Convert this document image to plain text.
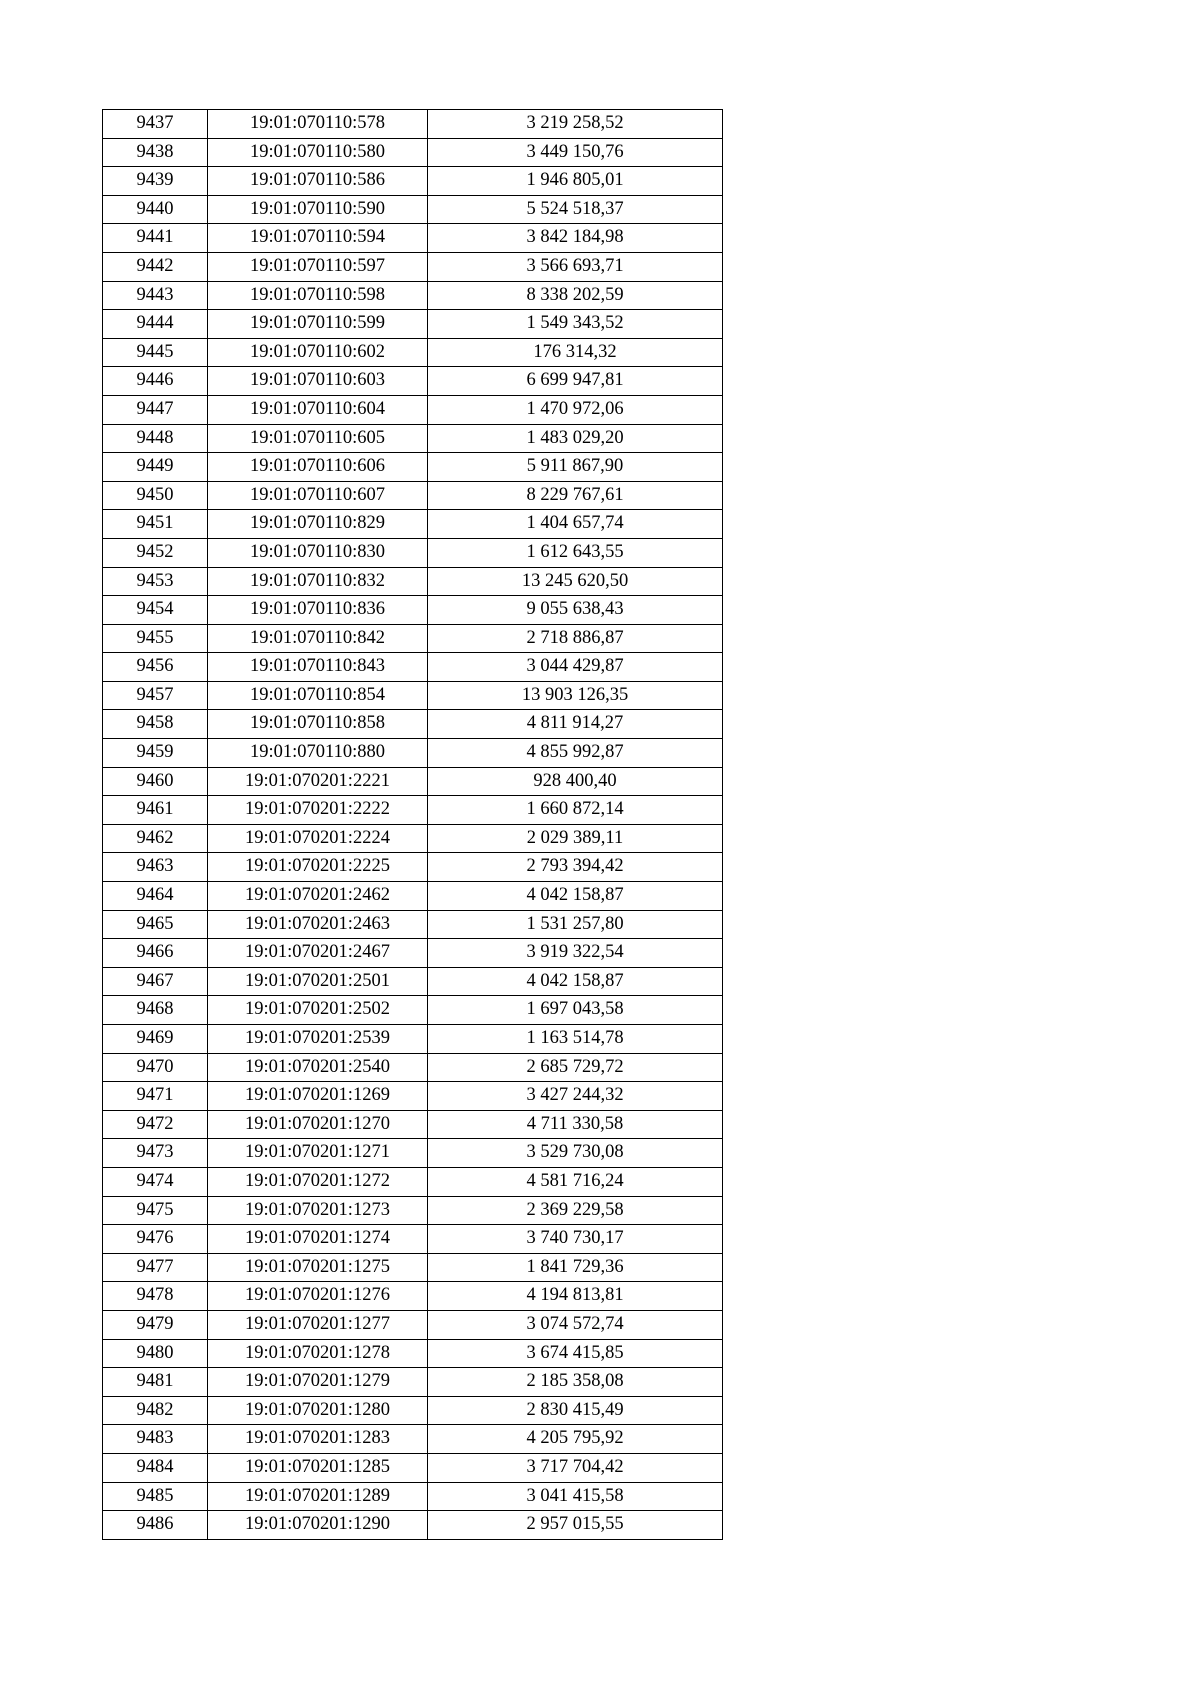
9437	19:01:070110:578	3 219 258,52
9438	19:01:070110:580	3 449 150,76
9439	19:01:070110:586	1 946 805,01
9440	19:01:070110:590	5 524 518,37
9441	19:01:070110:594	3 842 184,98
9442	19:01:070110:597	3 566 693,71
9443	19:01:070110:598	8 338 202,59
9444	19:01:070110:599	1 549 343,52
9445	19:01:070110:602	176 314,32
9446	19:01:070110:603	6 699 947,81
9447	19:01:070110:604	1 470 972,06
9448	19:01:070110:605	1 483 029,20
9449	19:01:070110:606	5 911 867,90
9450	19:01:070110:607	8 229 767,61
9451	19:01:070110:829	1 404 657,74
9452	19:01:070110:830	1 612 643,55
9453	19:01:070110:832	13 245 620,50
9454	19:01:070110:836	9 055 638,43
9455	19:01:070110:842	2 718 886,87
9456	19:01:070110:843	3 044 429,87
9457	19:01:070110:854	13 903 126,35
9458	19:01:070110:858	4 811 914,27
9459	19:01:070110:880	4 855 992,87
9460	19:01:070201:2221	928 400,40
9461	19:01:070201:2222	1 660 872,14
9462	19:01:070201:2224	2 029 389,11
9463	19:01:070201:2225	2 793 394,42
9464	19:01:070201:2462	4 042 158,87
9465	19:01:070201:2463	1 531 257,80
9466	19:01:070201:2467	3 919 322,54
9467	19:01:070201:2501	4 042 158,87
9468	19:01:070201:2502	1 697 043,58
9469	19:01:070201:2539	1 163 514,78
9470	19:01:070201:2540	2 685 729,72
9471	19:01:070201:1269	3 427 244,32
9472	19:01:070201:1270	4 711 330,58
9473	19:01:070201:1271	3 529 730,08
9474	19:01:070201:1272	4 581 716,24
9475	19:01:070201:1273	2 369 229,58
9476	19:01:070201:1274	3 740 730,17
9477	19:01:070201:1275	1 841 729,36
9478	19:01:070201:1276	4 194 813,81
9479	19:01:070201:1277	3 074 572,74
9480	19:01:070201:1278	3 674 415,85
9481	19:01:070201:1279	2 185 358,08
9482	19:01:070201:1280	2 830 415,49
9483	19:01:070201:1283	4 205 795,92
9484	19:01:070201:1285	3 717 704,42
9485	19:01:070201:1289	3 041 415,58
9486	19:01:070201:1290	2 957 015,55
